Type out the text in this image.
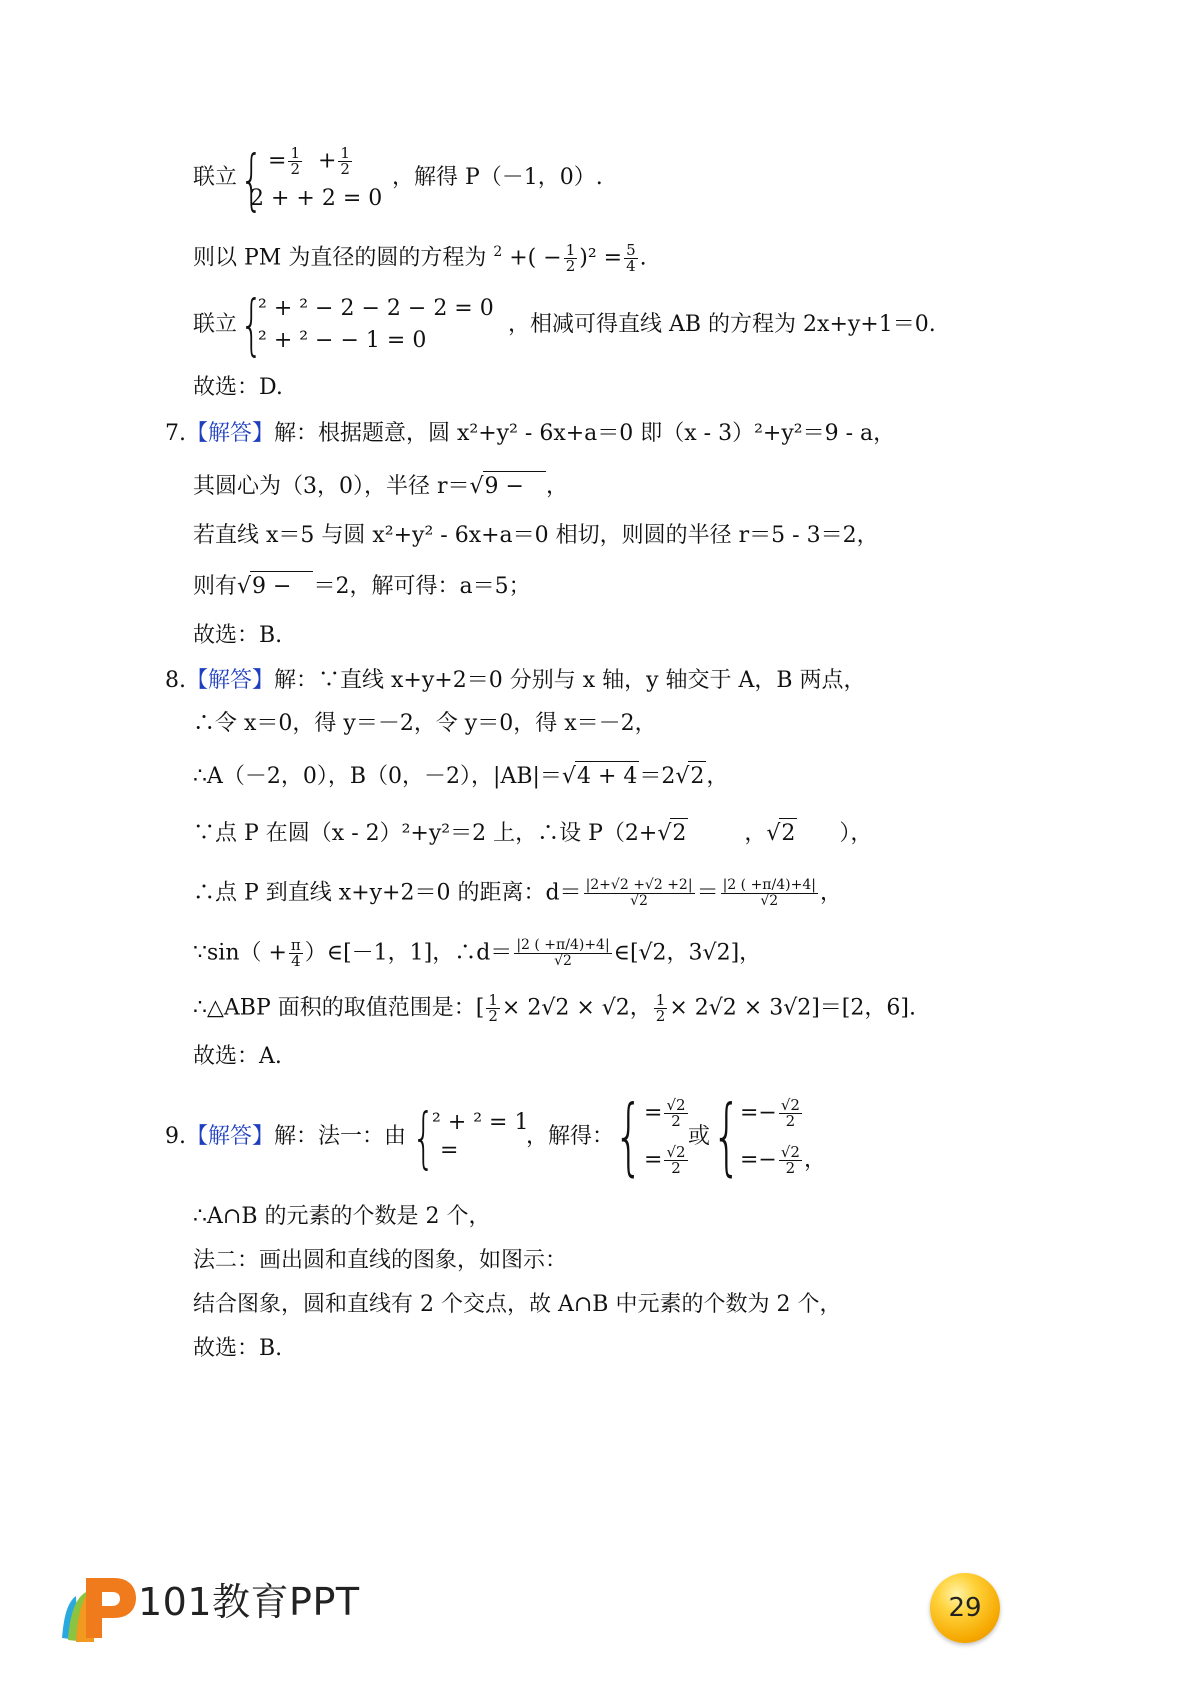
联立 { = $\frac{1}{2} + \frac{1}{2}$
2 + + 2 = 0
，解得 P（－1，0）.
则以 PM 为直径的圆的方程为 $^2$ +( − $\frac{1}{2} )^2 = \frac{5}{4}$ .
联立 {
² + ² − 2 − 2 − 2 = 0
² + ² − − 1 = 0
，相减可得直线 AB 的方程为 2x+y+1＝0.
故选：D.
7.【解答】解：根据题意，圆 x²+y² - 6x+a＝0 即（x - 3）²+y²＝9 - a，
其圆心为（3，0），半径 r＝√9 − ，
若直线 x＝5 与圆 x²+y² - 6x+a＝0 相切，则圆的半径 r＝5 - 3＝2，
则有√9 − ＝2，解可得：a＝5；
故选：B.
8.【解答】解：∵直线 x+y+2＝0 分别与 x 轴，y 轴交于 A，B 两点，
∴令 x＝0，得 y＝－2，令 y＝0，得 x＝－2，
∴A（－2，0），B（0，－2），|AB|＝√4 + 4＝2√2，
∵点 P 在圆（x - 2）²+y²＝2 上，∴设 P（2+√2	，√2 ），
∴点 P 到直线 x+y+2＝0 的距离：$d= \frac{|2+√2 +√2 +2|}{√2} = \frac{|2 ( +\pi/4)+4|}{√2}$ ，
∵sin（ + $\frac{\pi}{4}$ ）∈[－1，1]，∴d＝ $\frac{|2 ( +\pi/4)+4|}{√2}$ ∈[√2，3√2]，
∴△ABP 面积的取值范围是：[ $\frac{1}{2} \times 2√2 \times √2$， $\frac{1}{2} \times 2√2 \times 3√2]=[2$，6].
故选：A.
9.【解答】解：法一：由 {
² + ² = 1
=
，解得： { = $\frac{√2}{2}$
= $\frac{√2}{2}$
或 {
=− $\frac{√2}{2}$
=− $\frac{√2}{2}$ ，
∴A∩B 的元素的个数是 2 个，
法二：画出圆和直线的图象，如图示：
结合图象，圆和直线有 2 个交点，故 A∩B 中元素的个数为 2 个，
故选：B.
101教育PPT	29
